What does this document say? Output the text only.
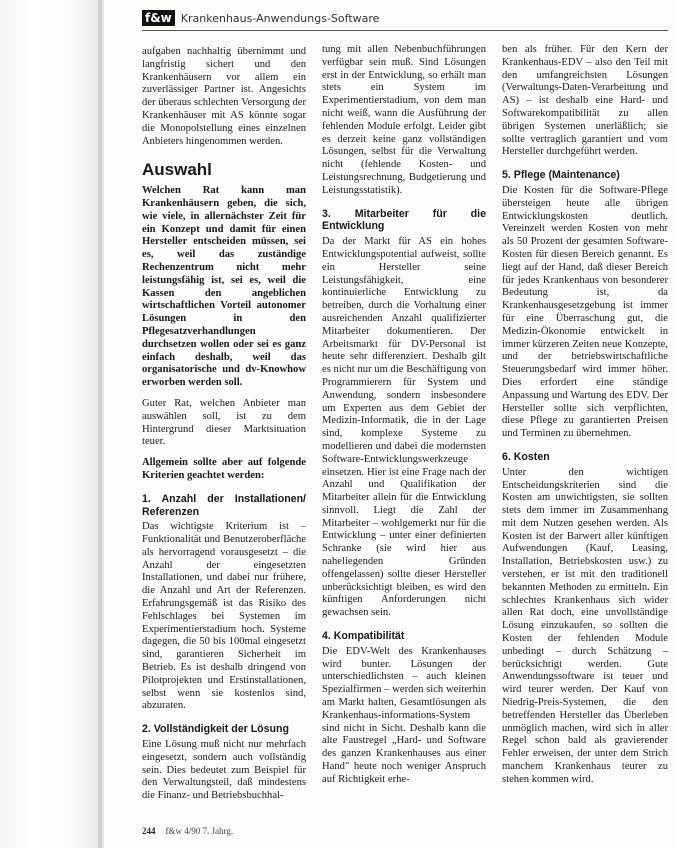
f&w Krankenhaus-Anwendungs-Software

aufgaben nachhaltig übernimmt und langfristig sichert und den Krankenhäusern vor allem ein zuverlässiger Partner ist. Angesichts der überaus schlechten Versorgung der Krankenhäuser mit AS könnte sogar die Monopolstellung eines einzelnen Anbieters hingenommen werden.

Auswahl

Welchen Rat kann man Krankenhäusern geben, die sich, wie viele, in allernächster Zeit für ein Konzept und damit für einen Hersteller entscheiden müssen, sei es, weil das zuständige Rechenzentrum nicht mehr leistungsfähig ist, sei es, weil die Kassen den angeblichen wirtschaftlichen Vorteil autonomer Lösungen in den Pflegesatzverhandlungen durchsetzen wollen oder sei es ganz einfach deshalb, weil das organisatorische und dv-Knowhow erworben werden soll.

Guter Rat, welchen Anbieter man auswählen soll, ist zu dem Hintergrund dieser Marktsituation teuer.

Allgemein sollte aber auf folgende Kriterien geachtet werden:

1. Anzahl der Installationen/ Referenzen

Das wichtigste Kriterium ist – Funktionalität und Benutzeroberfläche als hervorragend vorausgesetzt – die Anzahl der eingesetzten Installationen, und dabei nur frühere, die Anzahl und Art der Referenzen. Erfahrungsgemäß ist das Risiko des Fehlschlages bei Systemen im Experimentierstadium hoch. Systeme dagegen, die 50 bis 100mal eingesetzt sind, garantieren Sicherheit im Betrieb. Es ist deshalb dringend von Pilotprojekten und Erstinstallationen, selbst wenn sie kostenlos sind, abzuraten.

2. Vollständigkeit der Lösung

Eine Lösung muß nicht nur mehrfach eingesetzt, sondern auch vollständig sein. Dies bedeutet zum Beispiel für den Verwaltungsteil, daß mindestens die Finanz- und Betriebsbuchhal-

tung mit allen Nebenbuchführungen verfügbar sein muß. Sind Lösungen erst in der Entwicklung, so erhält man stets ein System im Experimentierstadium, von dem man nicht weiß, wann die Ausführung der fehlenden Module erfolgt. Leider gibt es derzeit keine ganz vollständigen Lösungen, selbst für die Verwaltung nicht (fehlende Kosten- und Leistungsrechnung, Budgetierung und Leistungsstatistik).

3. Mitarbeiter für die Entwicklung

Da der Markt für AS ein hohes Entwicklungspotential aufweist, sollte ein Hersteller seine Leistungsfähigkeit, eine kontinuierliche Entwicklung zu betreiben, durch die Vorhaltung einer ausreichenden Anzahl qualifizierter Mitarbeiter dokumentieren. Der Arbeitsmarkt für DV-Personal ist heute sehr differenziert. Deshalb gilt es nicht nur um die Beschäftigung von Programmierern für System und Anwendung, sondern insbesondere um Experten aus dem Gebiet der Medizin-Informatik, die in der Lage sind, komplexe Systeme zu modellieren und dabei die modernsten Software-Entwicklungswerkzeuge einsetzen. Hier ist eine Frage nach der Anzahl und Qualifikation der Mitarbeiter allein für die Entwicklung sinnvoll. Liegt die Zahl der Mitarbeiter – wohlgemerkt nur für die Entwicklung – unter einer definierten Schranke (sie wird hier aus naheliegenden Gründen offengelassen) sollte dieser Hersteller unberücksichtigt bleiben, es wird den künftigen Anforderungen nicht gewachsen sein.

4. Kompatibilität

Die EDV-Welt des Krankenhauses wird bunter. Lösungen der unterschiedlichsten – auch kleinen Spezialfirmen – werden sich weiterhin am Markt halten, Gesamtlösungen als Krankenhaus-informations-System sind nicht in Sicht. Deshalb kann die alte Faustregel „Hard- und Software des ganzen Krankenhauses aus einer Hand" heute noch weniger Anspruch auf Richtigkeit erhe-

ben als früher. Für den Kern der Krankenhaus-EDV – also den Teil mit den umfangreichsten Lösungen (Verwaltungs-Daten-Verarbeitung und AS) – ist deshalb eine Hard- und Softwarekompatibilität zu allen übrigen Systemen unerläßlich; sie sollte vertraglich garantiert und vom Hersteller durchgeführt werden.

5. Pflege (Maintenance)

Die Kosten für die Software-Pflege übersteigen heute alle übrigen Entwicklungskosten deutlich. Vereinzelt werden Kosten von mehr als 50 Prozent der gesamten Software-Kosten für diesen Bereich genannt. Es liegt auf der Hand, daß dieser Bereich für jedes Krankenhaus von besonderer Bedeutung ist, da Krankenhausgesetzgebung ist immer für eine Überraschung gut, die Medizin-Ökonomie entwickelt in immer kürzeren Zeiten neue Konzepte, und der betriebswirtschaftliche Steuerungsbedarf wird immer höher. Dies erfordert eine ständige Anpassung und Wartung des EDV. Der Hersteller sollte sich verpflichten, diese Pflege zu garantierten Preisen und Terminen zu übernehmen.

6. Kosten

Unter den wichtigen Entscheidungskriterien sind die Kosten am unwichtigsten, sie sollten stets dem immer im Zusammenhang mit dem Nutzen gesehen werden. Als Kosten ist der Barwert aller künftigen Aufwendungen (Kauf, Leasing, Installation, Betriebskosten usw.) zu verstehen, er ist mit den traditionell bekannten Methoden zu ermitteln. Ein schlechtes Krankenhaus sich wider allen Rat doch, eine unvollständige Lösung einzukaufen, so sollten die Kosten der fehlenden Module unbedingt – durch Schätzung – berücksichtigt werden. Gute Anwendungssoftware ist teuer und wird teurer werden. Der Kauf von Niedrig-Preis-Systemen, die den betreffenden Hersteller das Überleben unmöglich machen, wird sich in aller Regel schon bald als gravierender Fehler erweisen, der unter dem Strich manchem Krankenhaus teurer zu stehen kommen wird.

244 f&w 4/90 7. Jahrg.
